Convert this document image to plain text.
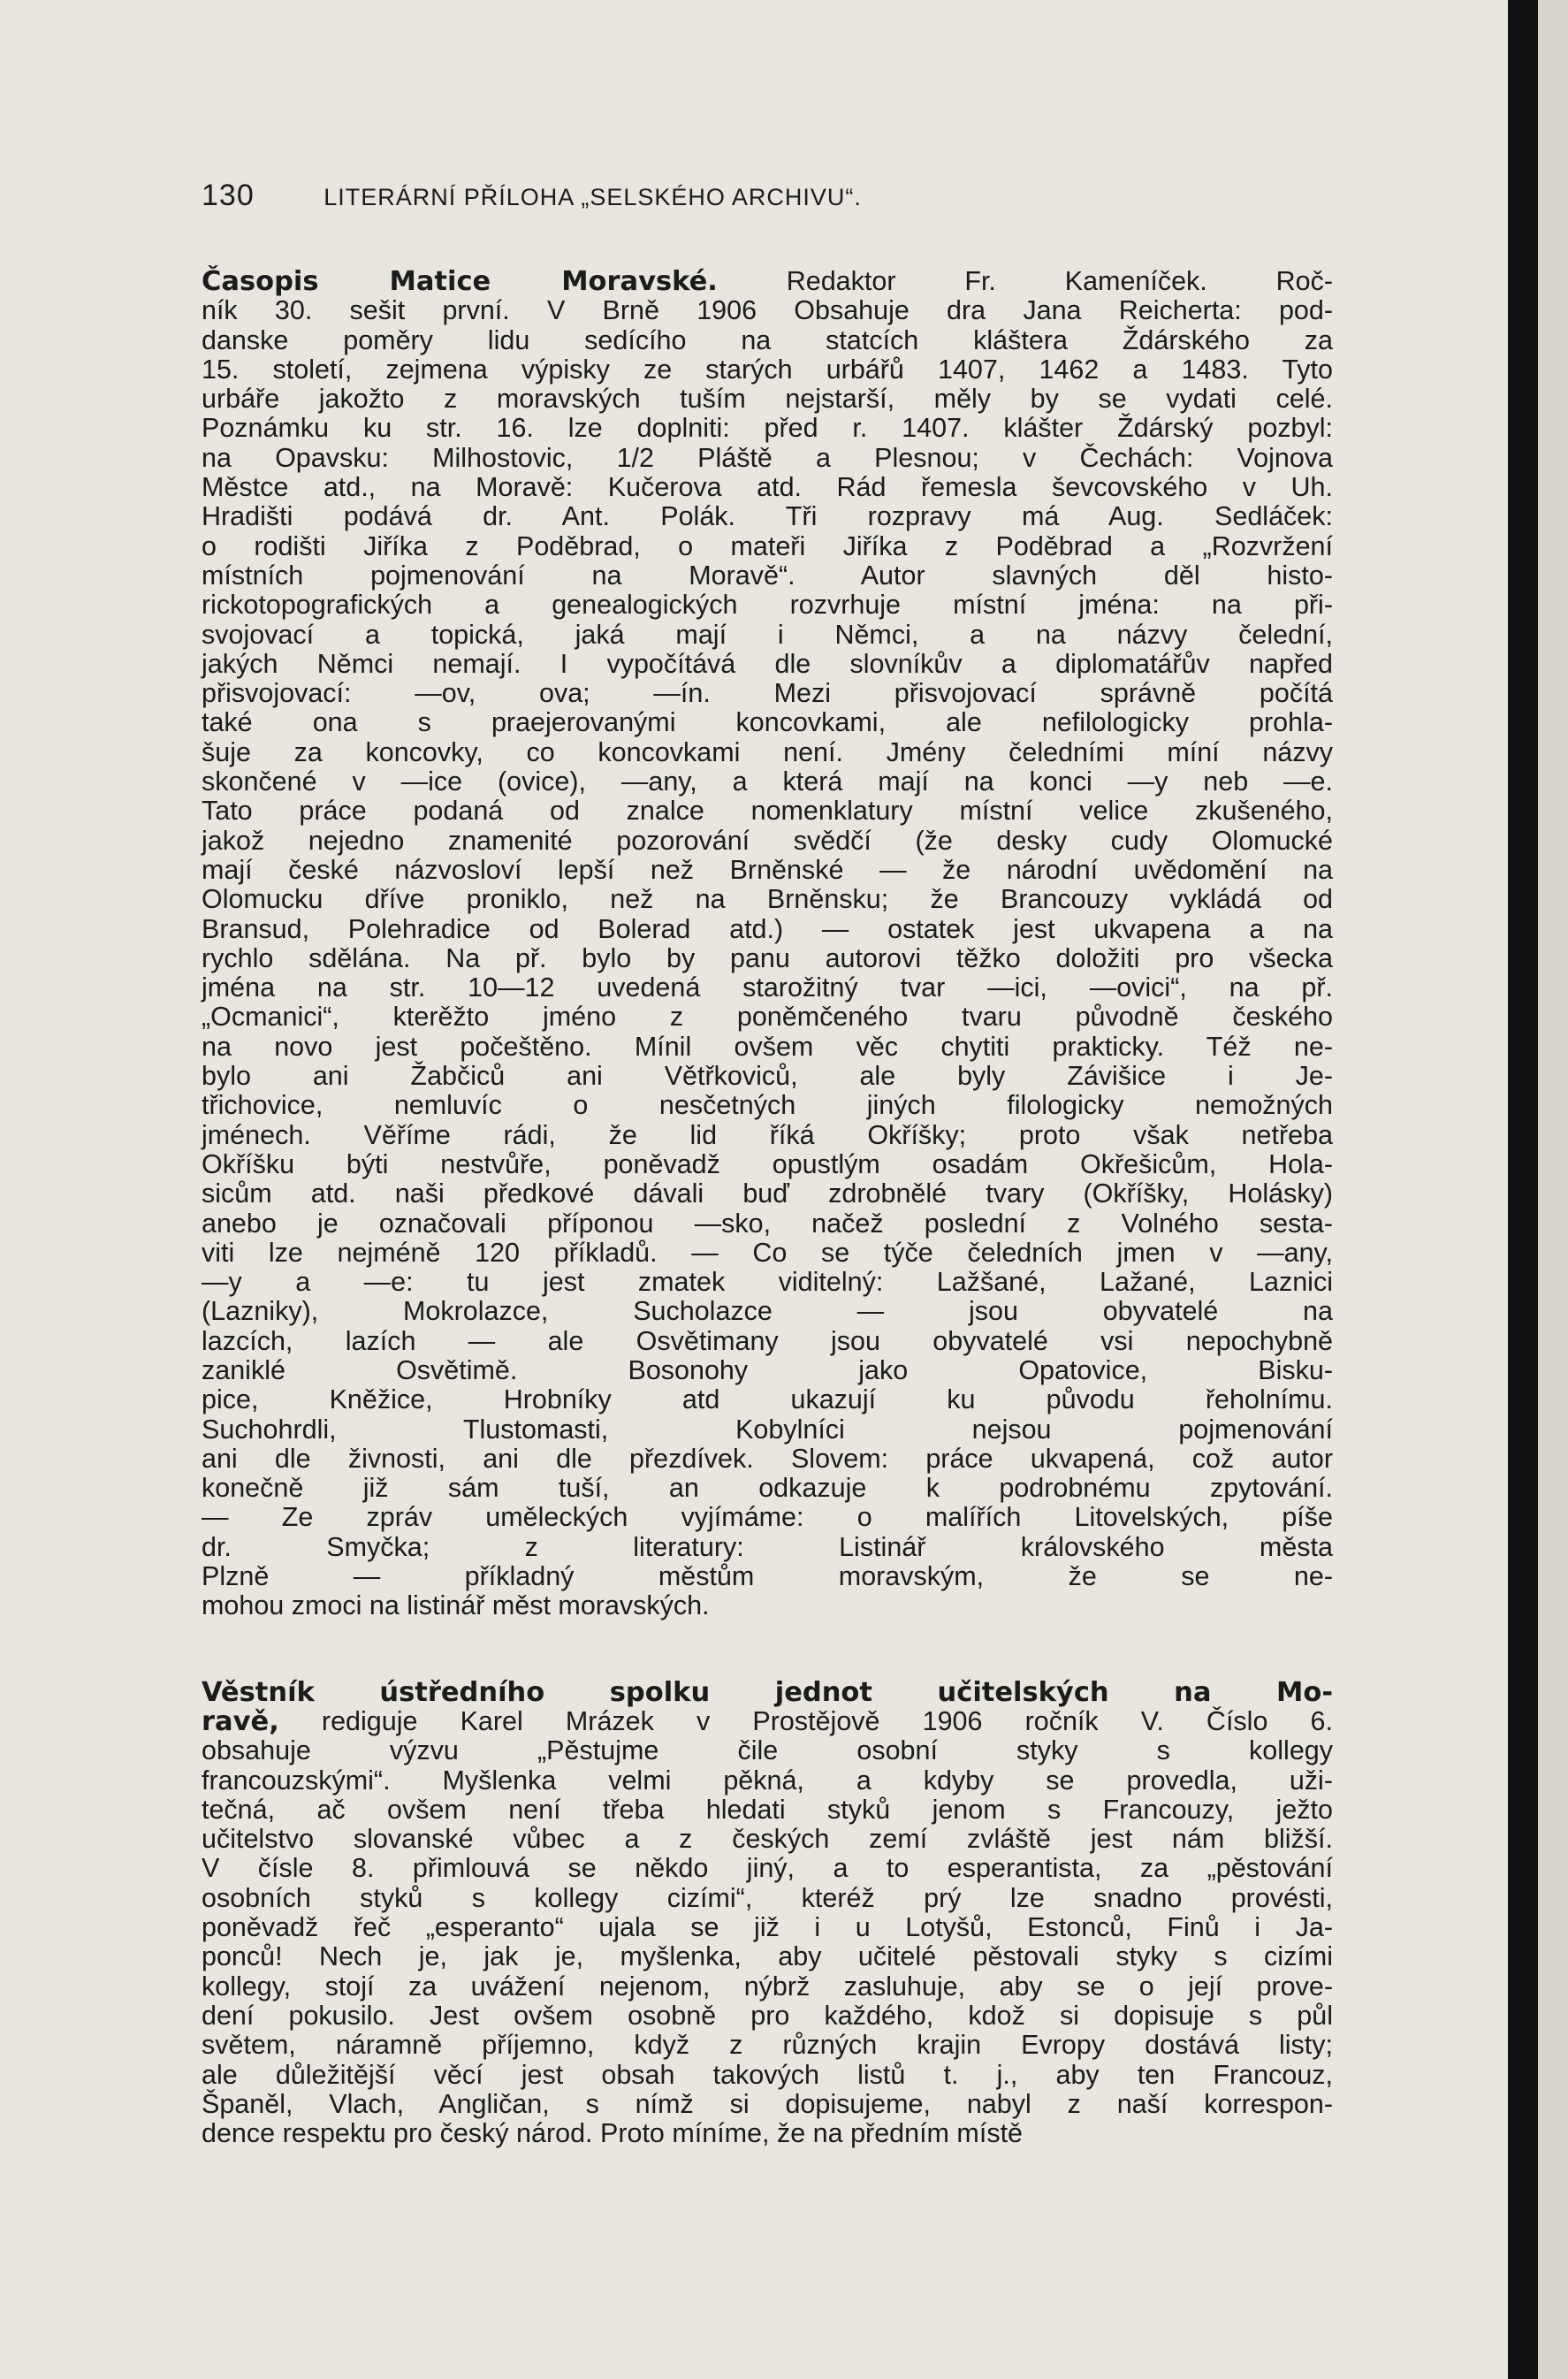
130	LITERÁRNÍ PŘÍLOHA „SELSKÉHO ARCHIVU“.
Časopis Matice Moravské.	Redaktor Fr. Kameníček. Roč-
ník 30. sešit první. V Brně 1906 Obsahuje dra Jana Reicherta: pod-
danske poměry lidu sedícího na statcích kláštera Ždárského za
15. století, zejmena výpisky ze starých urbářů 1407, 1462 a 1483. Tyto
urbáře jakožto z moravských tuším nejstarší, měly by se vydati celé.
Poznámku ku str. 16. lze doplniti: před r. 1407. klášter Ždárský pozbyl:
na Opavsku: Milhostovic, 1/2 Pláště a Plesnou; v Čechách: Vojnova
Městce atd., na Moravě: Kučerova atd. Rád řemesla ševcovského v Uh.
Hradišti podává dr. Ant. Polák. Tři rozpravy má Aug. Sedláček:
o rodišti Jiříka z Poděbrad, o mateři Jiříka z Poděbrad a „Rozvržení
místních pojmenování na Moravě“. Autor slavných děl histo-
rickotopografických a genealogických rozvrhuje místní jména: na při-
svojovací a topická, jaká mají i Němci, a na názvy čelední,
jakých Němci nemají. I vypočítává dle slovníkův a diplomatářův napřed
přisvojovací: —ov, ova; —ín. Mezi přisvojovací správně počítá
také ona s praejerovanými koncovkami, ale nefilologicky prohla-
šuje za koncovky, co koncovkami není. Jmény čeledními míní názvy
skončené v —ice (ovice), —any, a která mají na konci —y neb —e.
Tato práce podaná od znalce nomenklatury místní velice zkušeného,
jakož nejedno znamenité pozorování svědčí (že desky cudy Olomucké
mají české názvosloví lepší než Brněnské — že národní uvědomění na
Olomucku dříve proniklo, než na Brněnsku; že Brancouzy vykládá od
Bransud, Polehradice od Bolerad atd.) — ostatek jest ukvapena a na
rychlo sdělána. Na př. bylo by panu autorovi těžko doložiti pro všecka
jména na str. 10—12 uvedená starožitný tvar —ici, —ovici“, na př.
„Ocmanici“, kterěžto jméno z poněmčeného tvaru původně českého
na novo jest počeštěno. Mínil ovšem věc chytiti prakticky. Též ne-
bylo ani Žabčiců ani Větřkoviců, ale byly Závišice i Je-
třichovice, nemluvíc o nesčetných jiných filologicky nemožných
jménech. Věříme rádi, že lid říká Okříšky; proto však netřeba
Okříšku býti nestvůře, poněvadž opustlým osadám Okřešicům, Hola-
sicům atd. naši předkové dávali buď zdrobnělé tvary (Okříšky, Holásky)
anebo je označovali příponou —sko, načež poslední z Volného sesta-
viti lze nejméně 120 příkladů. — Co se týče čeledních jmen v —any,
—y a —e: tu jest zmatek viditelný: Lažšané, Lažané, Laznici
(Lazniky), Mokrolazce, Sucholazce — jsou obyvatelé na
lazcích, lazích — ale Osvětimany jsou obyvatelé vsi nepochybně
zaniklé Osvětimě. Bosonohy jako Opatovice, Bisku-
pice, Kněžice, Hrobníky atd ukazují ku původu řeholnímu.
Suchohrdli, Tlustomasti, Kobylníci nejsou pojmenování
ani dle živnosti, ani dle přezdívek. Slovem: práce ukvapená, což autor
konečně již sám tuší, an odkazuje k podrobnému zpytování.
— Ze zpráv uměleckých vyjímáme: o malířích Litovelských, píše
dr. Smyčka; z literatury: Listinář královského města
Plzně — příkladný městům moravským, že se ne-
mohou zmoci na listinář měst moravských.
Věstník ústředního spolku jednot učitelských na Mo-
ravě, rediguje Karel Mrázek v Prostějově 1906 ročník V. Číslo 6.
obsahuje výzvu „Pěstujme čile osobní styky s kollegy
francouzskými“. Myšlenka velmi pěkná, a kdyby se provedla, uži-
tečná, ač ovšem není třeba hledati styků jenom s Francouzy, ježto
učitelstvo slovanské vůbec a z českých zemí zvláště jest nám bližší.
V čísle 8. přimlouvá se někdo jiný, a to esperantista, za „pěstování
osobních styků s kollegy cizími“, kteréž prý lze snadno provésti,
poněvadž řeč „esperanto“ ujala se již i u Lotyšů, Estonců, Finů i Ja-
ponců! Nech je, jak je, myšlenka, aby učitelé pěstovali styky s cizími
kollegy, stojí za uvážení nejenom, nýbrž zasluhuje, aby se o její prove-
dení pokusilo. Jest ovšem osobně pro každého, kdož si dopisuje s půl
světem, náramně příjemno, když z různých krajin Evropy dostává listy;
ale důležitější věcí jest obsah takových listů t. j., aby ten Francouz,
Španěl, Vlach, Angličan, s nímž si dopisujeme, nabyl z naší korrespon-
dence respektu pro český národ. Proto míníme, že na předním místě
